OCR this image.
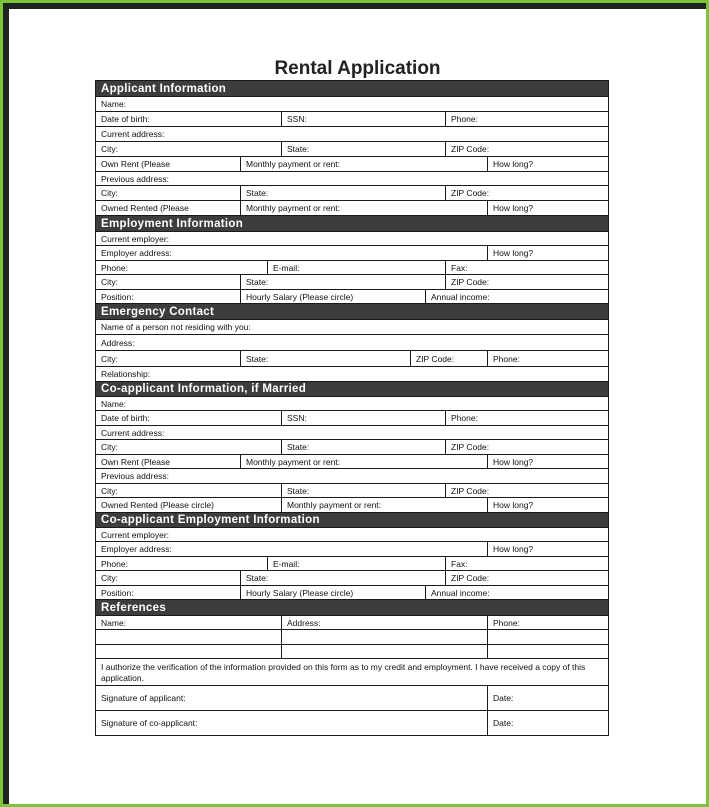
Rental Application
Applicant Information
Name:
Date of birth:	SSN:	Phone:
Current address:
City:	State:	ZIP Code:
Own Rent (Please	Monthly payment or rent:	How long?
Previous address:
City:	State:	ZIP Code:
Owned Rented (Please	Monthly payment or rent:	How long?
Employment Information
Current employer:
Employer address:	How long?
Phone:	E-mail:	Fax:
City:	State:	ZIP Code:
Position:	Hourly Salary (Please circle)	Annual income:
Emergency Contact
Name of a person not residing with you:
Address:
City:	State:	ZIP Code:	Phone:
Relationship:
Co-applicant Information, if Married
Name:
Date of birth:	SSN:	Phone:
Current address:
City:	State:	ZIP Code:
Own Rent (Please	Monthly payment or rent:	How long?
Previous address:
City:	State:	ZIP Code:
Owned Rented (Please circle)	Monthly payment or rent:	How long?
Co-applicant Employment Information
Current employer:
Employer address:	How long?
Phone:	E-mail:	Fax:
City:	State:	ZIP Code:
Position:	Hourly Salary (Please circle)	Annual income:
References
Name:	Address:	Phone:
I authorize the verification of the information provided on this form as to my credit and employment. I have received a copy of this application.
Signature of applicant:	Date:
Signature of co-applicant:	Date:
